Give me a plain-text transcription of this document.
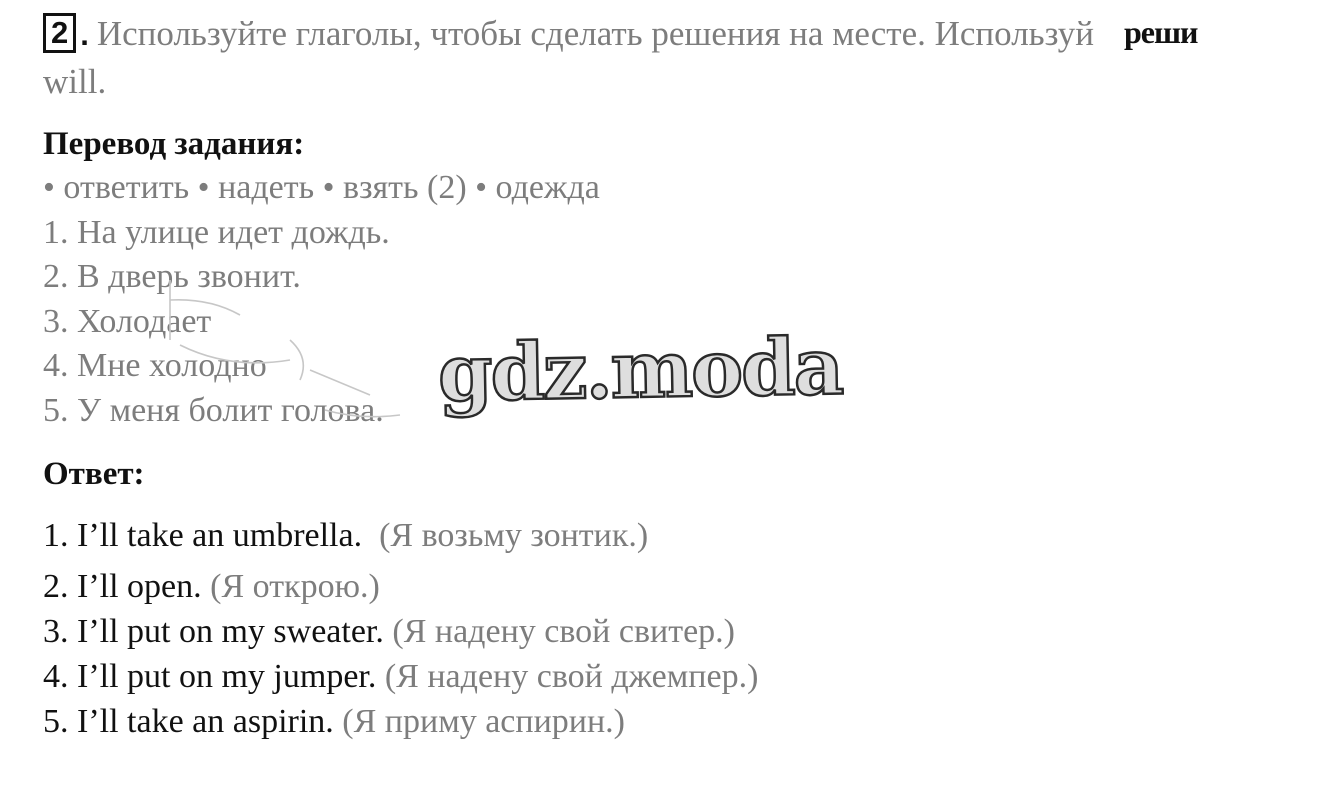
2 . Используйте глаголы, чтобы сделать решения на месте. Используй
will.
реши
Перевод задания:
• ответить • надеть • взять (2) • одежда
1. На улице идет дождь.
2. В дверь звонит.
3. Холодает
4. Мне холодно
5. У меня болит голова. gdz.moda
Ответ:
1. I’ll take an umbrella. (Я возьму зонтик.)
2. I’ll open. (Я открою.)
3. I’ll put on my sweater. (Я надену свой свитер.)
4. I’ll put on my jumper. (Я надену свой джемпер.)
5. I’ll take an aspirin. (Я приму аспирин.)
